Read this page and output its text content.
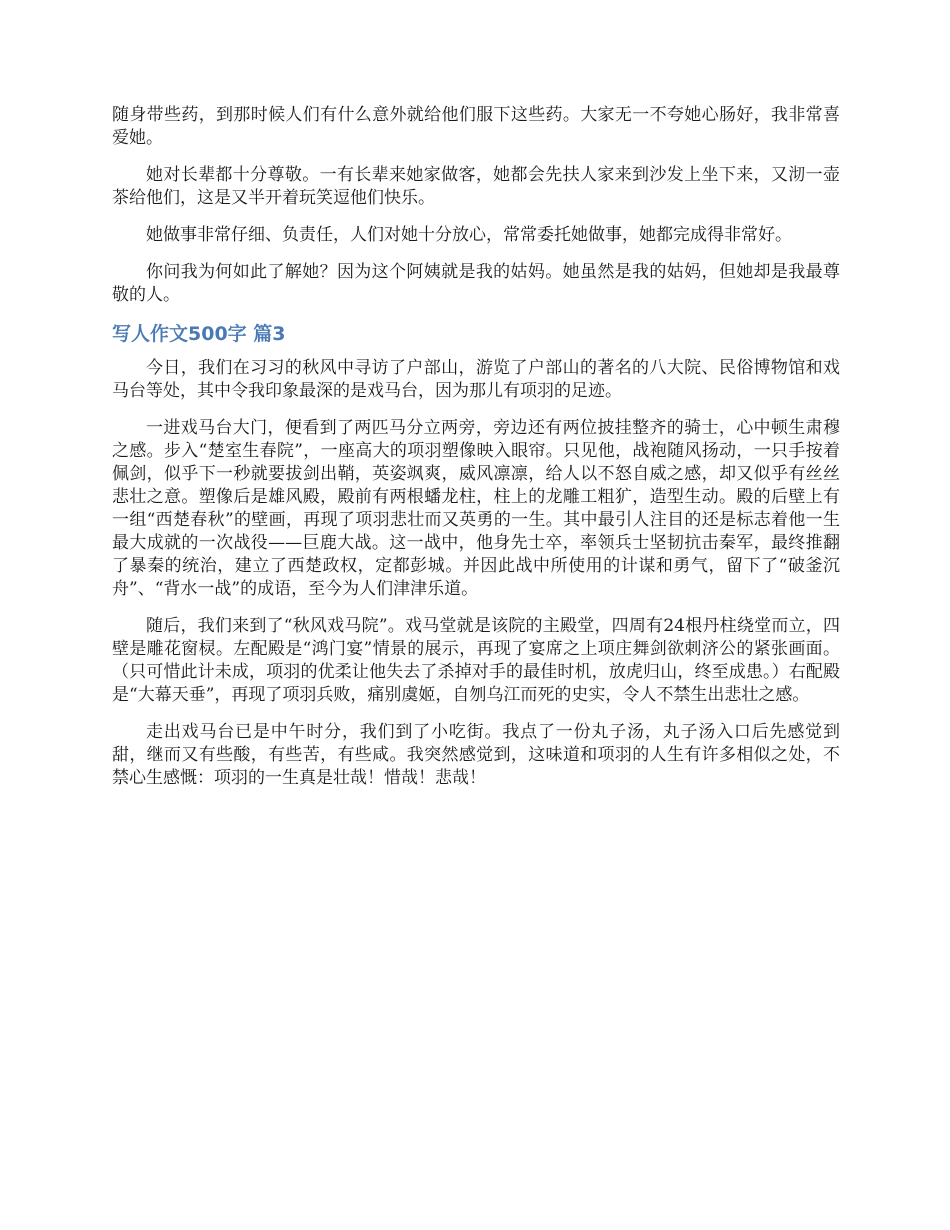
随身带些药，到那时候人们有什么意外就给他们服下这些药。大家无一不夸她心肠好，我非常喜爱她。

她对长辈都十分尊敬。一有长辈来她家做客，她都会先扶人家来到沙发上坐下来，又沏一壶茶给他们，这是又半开着玩笑逗他们快乐。

她做事非常仔细、负责任，人们对她十分放心，常常委托她做事，她都完成得非常好。

你问我为何如此了解她？因为这个阿姨就是我的姑妈。她虽然是我的姑妈，但她却是我最尊敬的人。

写人作文500字 篇3

今日，我们在习习的秋风中寻访了户部山，游览了户部山的著名的八大院、民俗博物馆和戏马台等处，其中令我印象最深的是戏马台，因为那儿有项羽的足迹。

一进戏马台大门，便看到了两匹马分立两旁，旁边还有两位披挂整齐的骑士，心中顿生肃穆之感。步入“楚室生春院”，一座高大的项羽塑像映入眼帘。只见他，战袍随风扬动，一只手按着佩剑，似乎下一秒就要拔剑出鞘，英姿飒爽，威风凛凛，给人以不怒自威之感，却又似乎有丝丝悲壮之意。塑像后是雄风殿，殿前有两根蟠龙柱，柱上的龙雕工粗犷，造型生动。殿的后壁上有一组“西楚春秋”的壁画，再现了项羽悲壮而又英勇的一生。其中最引人注目的还是标志着他一生最大成就的一次战役——巨鹿大战。这一战中，他身先士卒，率领兵士坚韧抗击秦军，最终推翻了暴秦的统治，建立了西楚政权，定都彭城。并因此战中所使用的计谋和勇气，留下了“破釜沉舟”、“背水一战”的成语，至今为人们津津乐道。

随后，我们来到了“秋风戏马院”。戏马堂就是该院的主殿堂，四周有24根丹柱绕堂而立，四壁是雕花窗棂。左配殿是“鸿门宴”情景的展示，再现了宴席之上项庄舞剑欲刺济公的紧张画面。（只可惜此计未成，项羽的优柔让他失去了杀掉对手的最佳时机，放虎归山，终至成患。）右配殿是“大幕天垂”，再现了项羽兵败，痛别虞姬，自刎乌江而死的史实，令人不禁生出悲壮之感。

走出戏马台已是中午时分，我们到了小吃街。我点了一份丸子汤，丸子汤入口后先感觉到甜，继而又有些酸，有些苦，有些咸。我突然感觉到，这味道和项羽的人生有许多相似之处，不禁心生感慨：项羽的一生真是壮哉！惜哉！悲哉！
